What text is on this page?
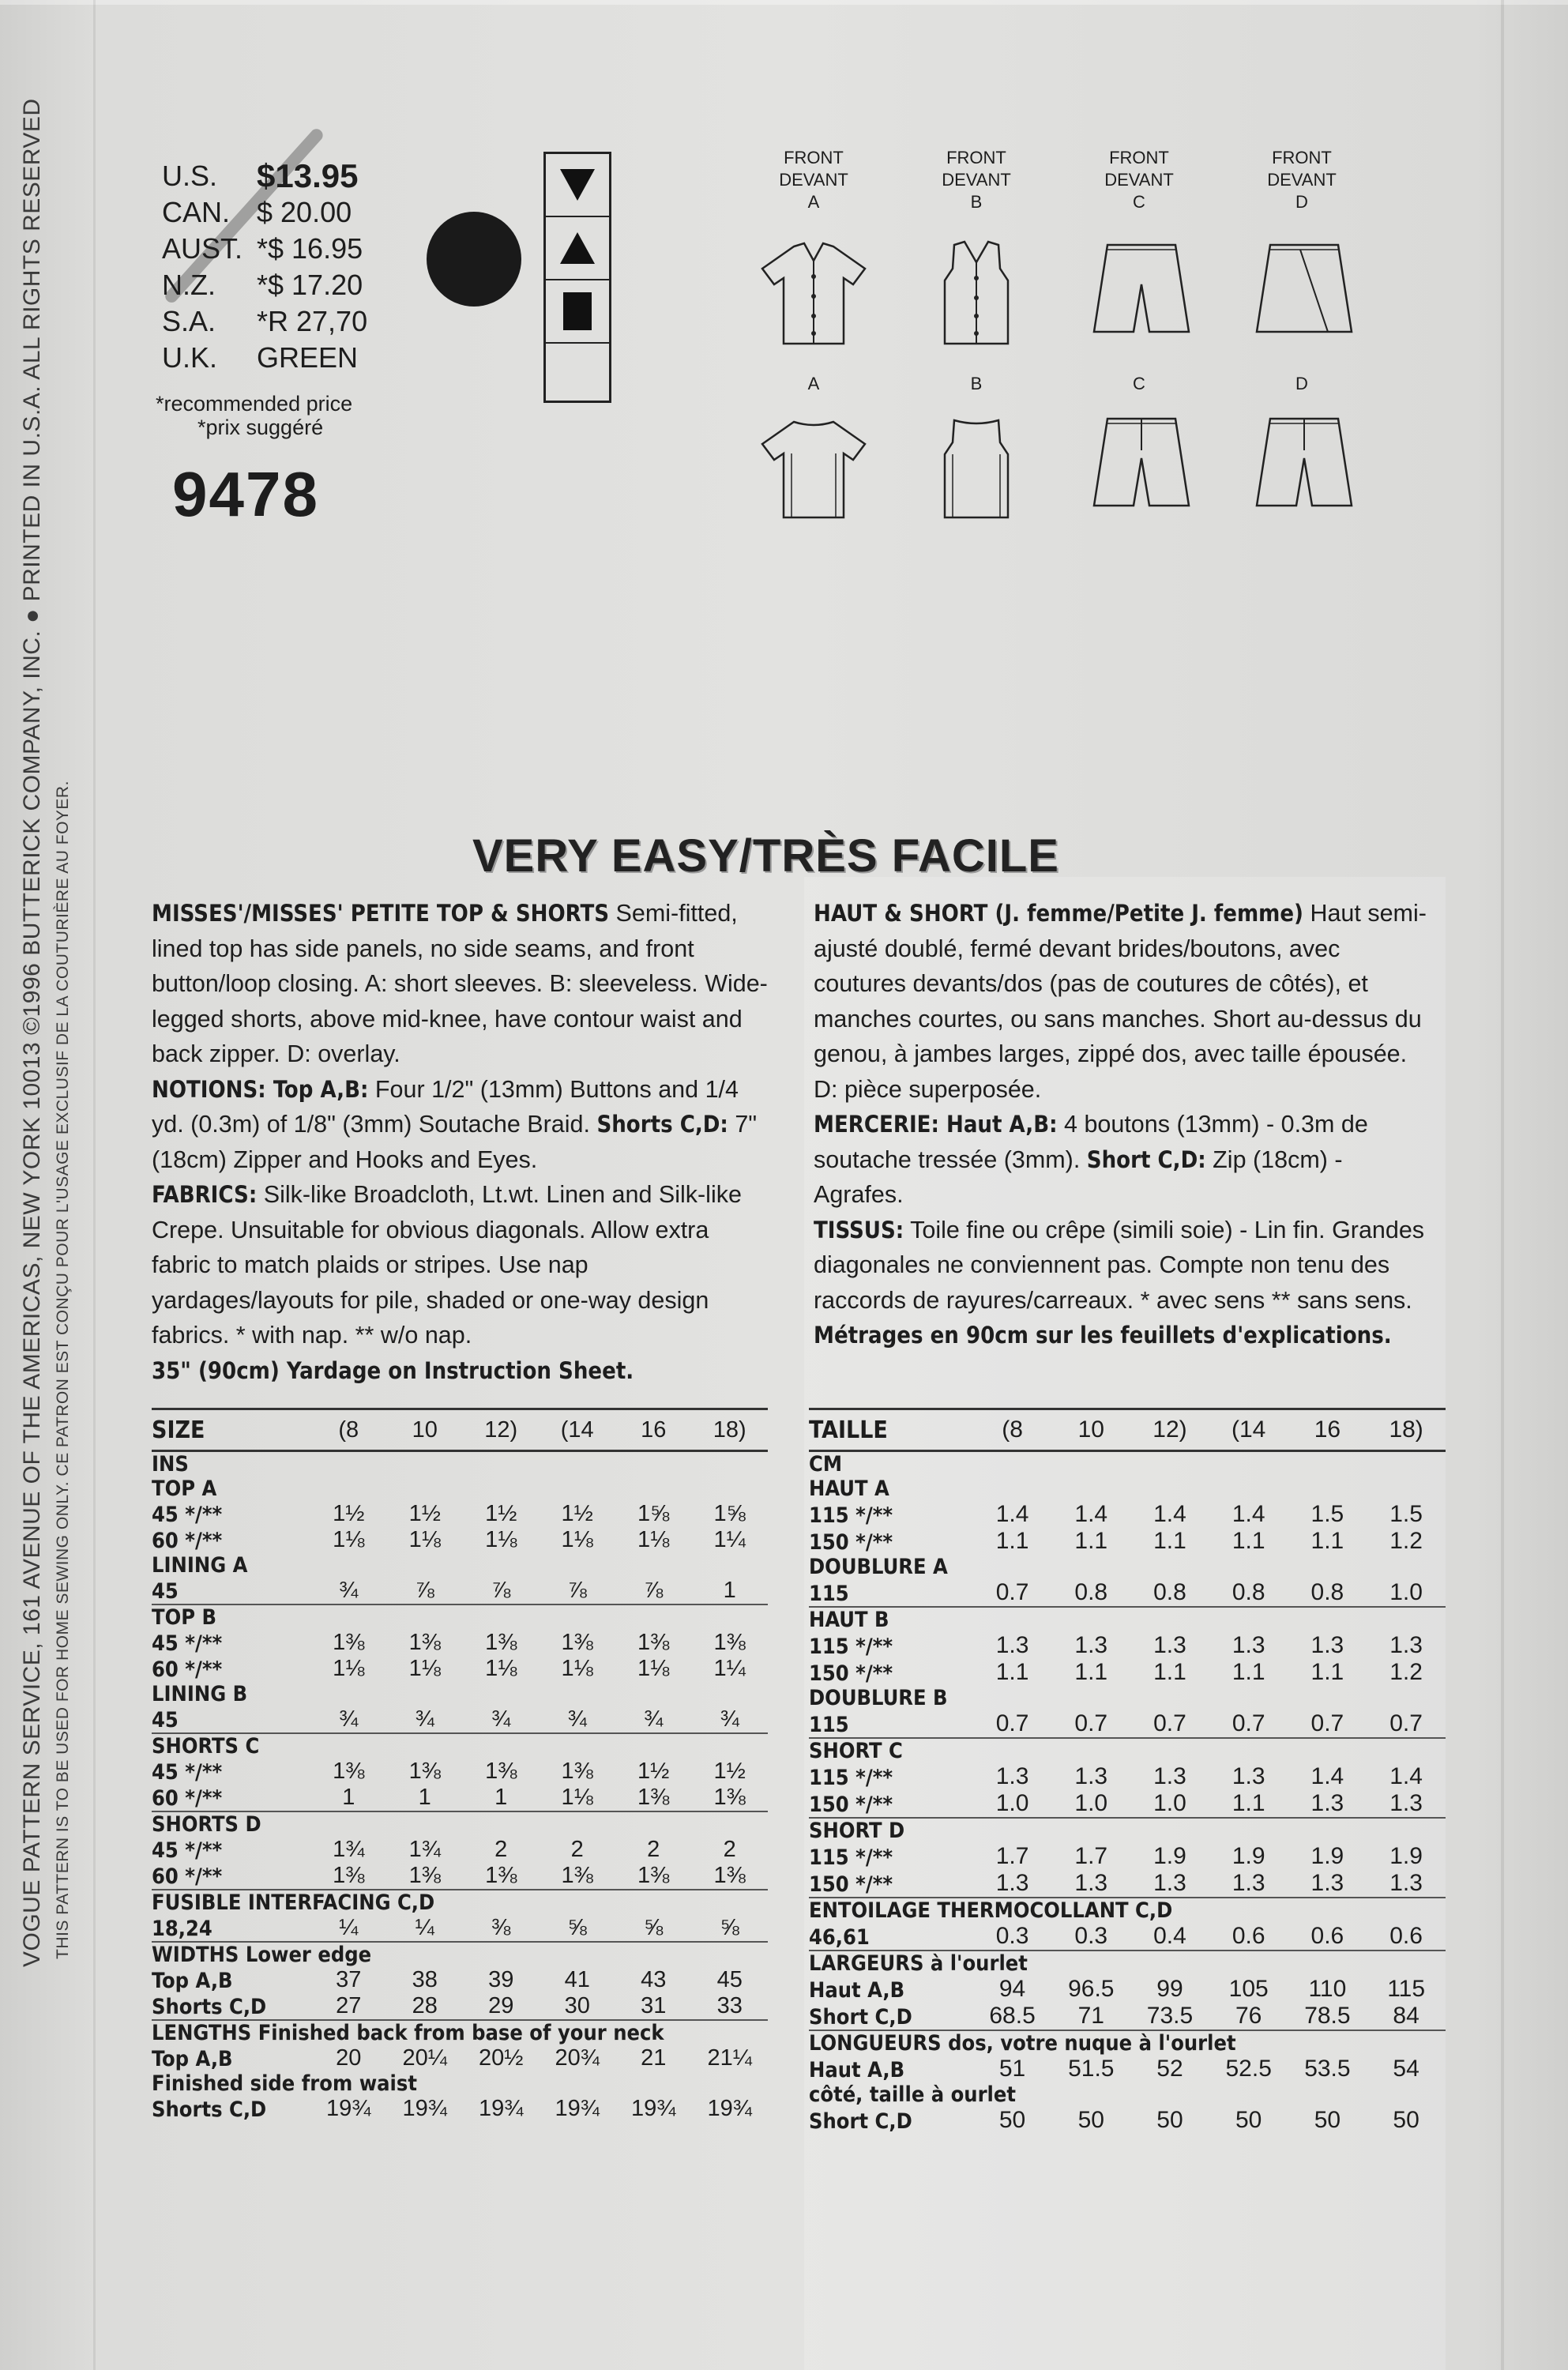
VOGUE PATTERN SERVICE, 161 AVENUE OF THE AMERICAS, NEW YORK 10013 ©1996 BUTTERICK COMPANY, INC. ● PRINTED IN U.S.A. ALL RIGHTS RESERVED THIS PATTERN IS TO BE USED FOR HOME SEWING ONLY. CE PATRON EST CONÇU POUR L'USAGE EXCLUSIF DE LA COUTURIÈRE AU FOYER.
U.S.	$13.95
CAN. $ 20.00
AUST. *$ 16.95
N.Z.	*$ 17.20
S.A.	*R 27,70
U.K.	GREEN
*recommended price
*prix suggéré
9478
FRONT
DEVANT
A
FRONT
DEVANT
B
FRONT
DEVANT
C
FRONT
DEVANT
D
A	B	C	D
VERY EASY/TRÈS FACILE
MISSES'/MISSES' PETITE TOP & SHORTS Semi-fitted, lined top has side panels, no side seams, and front button/loop closing. A: short sleeves. B: sleeveless. Wide-legged shorts, above mid-knee, have contour waist and back zipper. D: overlay.
NOTIONS: Top A,B: Four 1/2" (13mm) Buttons and 1/4 yd. (0.3m) of 1/8" (3mm) Soutache Braid. Shorts C,D: 7" (18cm) Zipper and Hooks and Eyes.
FABRICS: Silk-like Broadcloth, Lt.wt. Linen and Silk-like Crepe. Unsuitable for obvious diagonals. Allow extra fabric to match plaids or stripes. Use nap yardages/layouts for pile, shaded or one-way design fabrics. * with nap. ** w/o nap.
35" (90cm) Yardage on Instruction Sheet.
HAUT & SHORT (J. femme/Petite J. femme) Haut semi-ajusté doublé, fermé devant brides/boutons, avec coutures devants/dos (pas de coutures de côtés), et manches courtes, ou sans manches. Short au-dessus du genou, à jambes larges, zippé dos, avec taille épousée. D: pièce superposée.
MERCERIE: Haut A,B: 4 boutons (13mm) - 0.3m de soutache tressée (3mm). Short C,D: Zip (18cm) - Agrafes.
TISSUS: Toile fine ou crêpe (simili soie) - Lin fin. Grandes diagonales ne conviennent pas. Compte non tenu des raccords de rayures/carreaux. * avec sens ** sans sens.
Métrages en 90cm sur les feuillets d'explications.
SIZE	(8	10	12)	(14	16	18)
INS						
TOP A						
45 */**	1½	1½	1½	1½	1⅝	1⅝
60 */**	1⅛	1⅛	1⅛	1⅛	1⅛	1¼
LINING A						
45	¾	⅞	⅞	⅞	⅞	1
TOP B						
45 */**	1⅜	1⅜	1⅜	1⅜	1⅜	1⅜
60 */**	1⅛	1⅛	1⅛	1⅛	1⅛	1¼
LINING B						
45	¾	¾	¾	¾	¾	¾
SHORTS C						
45 */**	1⅜	1⅜	1⅜	1⅜	1½	1½
60 */**	1	1	1	1⅛	1⅜	1⅜
SHORTS D						
45 */**	1¾	1¾	2	2	2	2
60 */**	1⅜	1⅜	1⅜	1⅜	1⅜	1⅜
FUSIBLE INTERFACING C,D						
18,24	¼	¼	⅜	⅝	⅝	⅝
WIDTHS Lower edge						
Top A,B	37	38	39	41	43	45
Shorts C,D	27	28	29	30	31	33
LENGTHS Finished back from base of your neck						
Top A,B	20	20¼	20½	20¾	21	21¼
Finished side from waist						
Shorts C,D	19¾	19¾	19¾	19¾	19¾	19¾
TAILLE	(8	10	12)	(14	16	18)
CM						
HAUT A						
115 */**	1.4	1.4	1.4	1.4	1.5	1.5
150 */**	1.1	1.1	1.1	1.1	1.1	1.2
DOUBLURE A						
115	0.7	0.8	0.8	0.8	0.8	1.0
HAUT B						
115 */**	1.3	1.3	1.3	1.3	1.3	1.3
150 */**	1.1	1.1	1.1	1.1	1.1	1.2
DOUBLURE B						
115	0.7	0.7	0.7	0.7	0.7	0.7
SHORT C						
115 */**	1.3	1.3	1.3	1.3	1.4	1.4
150 */**	1.0	1.0	1.0	1.1	1.3	1.3
SHORT D						
115 */**	1.7	1.7	1.9	1.9	1.9	1.9
150 */**	1.3	1.3	1.3	1.3	1.3	1.3
ENTOILAGE THERMOCOLLANT C,D						
46,61	0.3	0.3	0.4	0.6	0.6	0.6
LARGEURS à l'ourlet						
Haut A,B	94	96.5	99	105	110	115
Short C,D	68.5	71	73.5	76	78.5	84
LONGUEURS dos, votre nuque à l'ourlet						
Haut A,B	51	51.5	52	52.5	53.5	54
côté, taille à ourlet						
Short C,D	50	50	50	50	50	50
